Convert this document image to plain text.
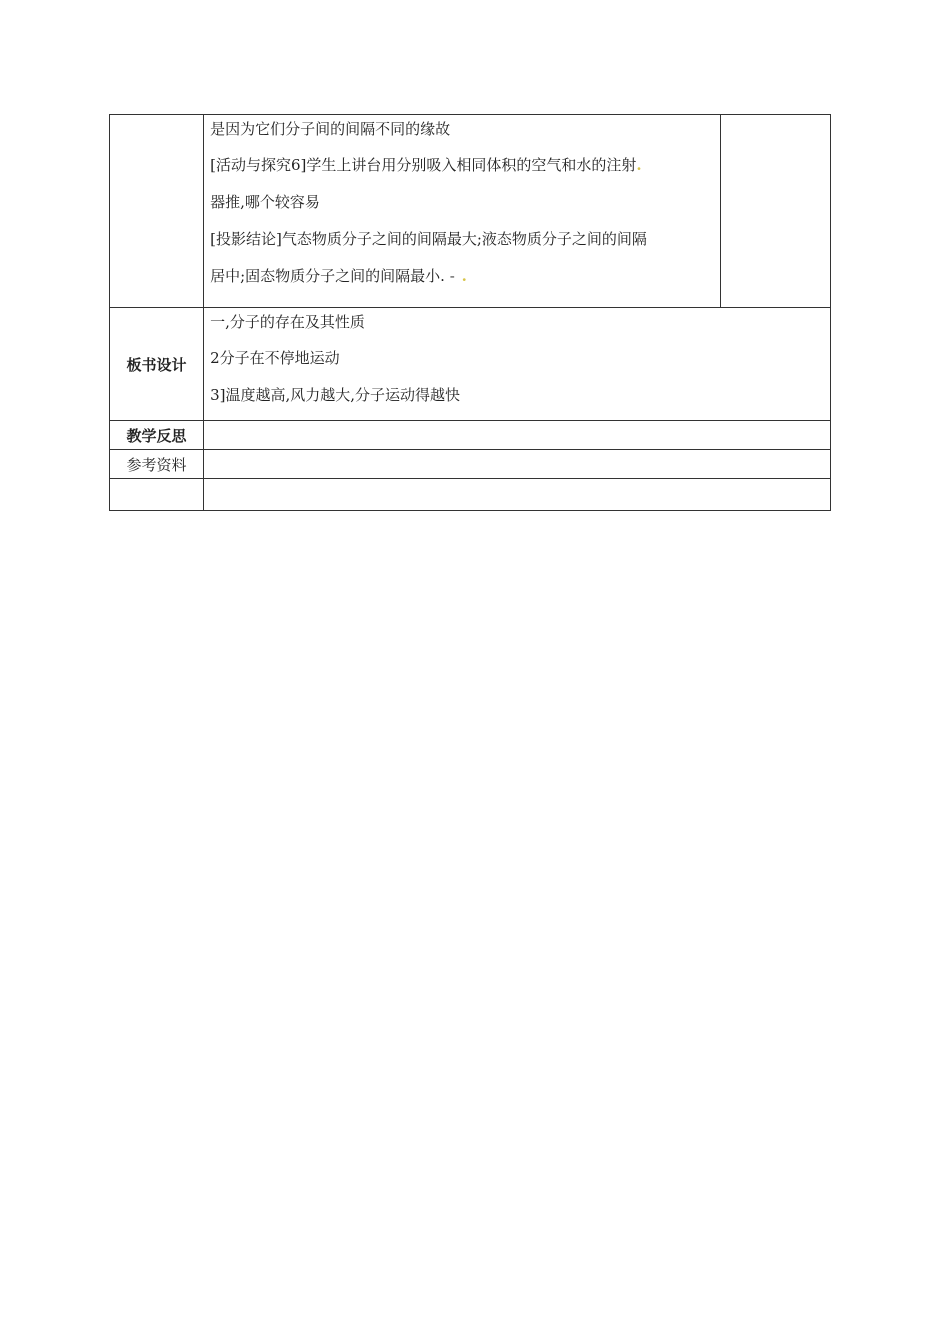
	是因为它们分子间的间隔不同的缘故
[活动与探究6]学生上讲台用分别吸入相同体积的空气和水的注射.
器推,哪个较容易
[投影结论]气态物质分子之间的间隔最大;液态物质分子之间的间隔
居中;固态物质分子之间的间隔最小. - .	

板书设计	一,分子的存在及其性质
2分子在不停地运动
3]温度越高,风力越大,分子运动得越快	

教学反思		
参考资料		
